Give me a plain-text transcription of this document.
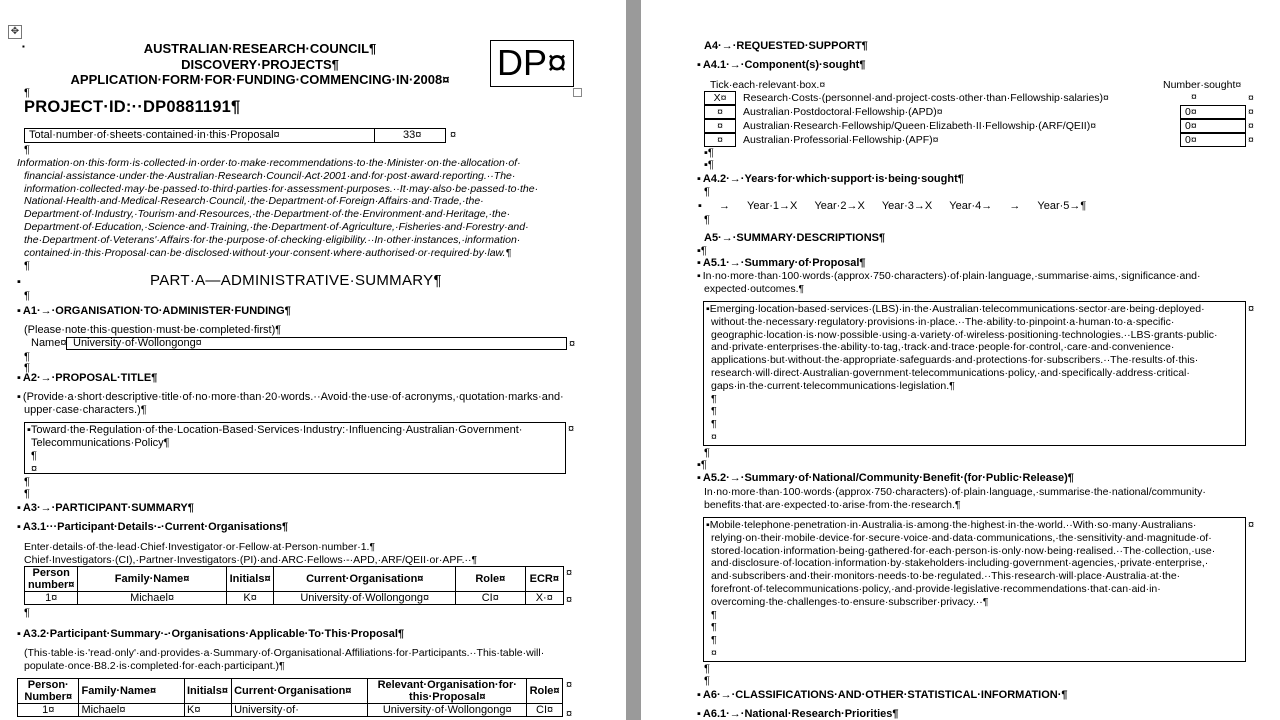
✥
▪	AUSTRALIAN·RESEARCH·COUNCIL¶
DISCOVERY·PROJECTS¶
APPLICATION·FORM·FOR·FUNDING·COMMENCING·IN·2008¤	DP¤
¶
PROJECT·ID:··DP0881191¶
Total·number·of·sheets·contained·in·this·Proposal¤	33¤	¤
¶
Information·on·this·form·is·collected·in·order·to·make·recommendations·to·the·Minister·on·the·allocation·of·
financial·assistance·under·the·Australian·Research·Council·Act·2001·and·for·post·award·reporting.··The·
information·collected·may·be·passed·to·third·parties·for·assessment·purposes.··It·may·also·be·passed·to·the·
National·Health·and·Medical·Research·Council,·the·Department·of·Foreign·Affairs·and·Trade,·the·
Department·of·Industry,·Tourism·and·Resources,·the·Department·of·the·Environment·and·Heritage,·the·
Department·of·Education,·Science·and·Training,·the·Department·of·Agriculture,·Fisheries·and·Forestry·and·
the·Department·of·Veterans'·Affairs·for·the·purpose·of·checking·eligibility.··In·other·instances,·information·
contained·in·this·Proposal·can·be·disclosed·without·your·consent·where·authorised·or·required·by·law.¶
¶
▪	PART·A—ADMINISTRATIVE·SUMMARY¶
¶
▪ A1·→·ORGANISATION·TO·ADMINISTER·FUNDING¶
(Please·note·this·question·must·be·completed·first)¶
Name¤ University·of·Wollongong¤	¤
¶
¶
▪ A2·→·PROPOSAL·TITLE¶
▪ (Provide·a·short·descriptive·title·of·no·more·than·20·words.··Avoid·the·use·of·acronyms,·quotation·marks·and·
upper·case·characters.)¶
▪Toward·the·Regulation·of·the·Location-Based·Services·Industry:·Influencing·Australian·Government·
Telecommunications·Policy¶
¶
¤
¤
¶
¶
▪ A3·→·PARTICIPANT·SUMMARY¶
▪ A3.1···Participant·Details·-·Current·Organisations¶
Enter·details·of·the·lead·Chief·Investigator·or·Fellow·at·Person·number·1.¶
Chief·Investigators·(CI),·Partner·Investigators·(PI)·and·ARC·Fellows·-·APD,·ARF/QEII·or·APF.··¶
Person number¤	Family·Name¤	Initials¤	Current·Organisation¤	Role¤	ECR¤
1¤	Michael¤	K¤	University·of·Wollongong¤	CI¤	X·¤
¤
¤
¶
▪ A3.2·Participant·Summary·-·Organisations·Applicable·To·This·Proposal¶
(This·table·is·'read·only'·and·provides·a·Summary·of·Organisational·Affiliations·for·Participants.··This·table·will·
populate·once·B8.2·is·completed·for·each·participant.)¶
Person· Number¤	Family·Name¤	Initials¤	Current·Organisation¤	Relevant·Organisation·for· this·Proposal¤	Role¤
1¤	Michael¤	K¤	University·of·	University·of·Wollongong¤	CI¤
¤
¤
A4·→·REQUESTED·SUPPORT¶
▪ A4.1·→·Component(s)·sought¶
Tick·each·relevant·box.¤	Number·sought¤
X¤	Research·Costs·(personnel·and·project·costs·other·than·Fellowship·salaries)¤	¤	¤
¤	Australian·Postdoctoral·Fellowship·(APD)¤	0¤	¤
¤	Australian·Research·Fellowship/Queen·Elizabeth·II·Fellowship·(ARF/QEII)¤	0¤	¤
¤	Australian·Professorial·Fellowship·(APF)¤	0¤	¤
▪¶
▪¶
▪ A4.2·→·Years·for·which·support·is·being·sought¶
¶
▪ → Year·1→X Year·2→X Year·3→X Year·4→ → Year·5→¶
¶
A5·→·SUMMARY·DESCRIPTIONS¶
▪¶
▪ A5.1·→·Summary·of·Proposal¶
▪ In·no·more·than·100·words·(approx·750·characters)·of·plain·language,·summarise·aims,·significance·and·
expected·outcomes.¶
▪Emerging·location-based·services·(LBS)·in·the·Australian·telecommunications·sector·are·being·deployed·
without·the·necessary·regulatory·provisions·in·place.··The·ability·to·pinpoint·a·human·to·a·specific·
geographic·location·is·now·possible·using·a·variety·of·wireless·positioning·technologies.··LBS·grants·public·
and·private·enterprises·the·ability·to·tag,·track·and·trace·people·for·control,·care·and·convenience·
applications·but·without·the·appropriate·safeguards·and·protections·for·subscribers.··The·results·of·this·
research·will·direct·Australian·government·telecommunications·policy,·and·specifically·address·critical·
gaps·in·the·current·telecommunications·legislation.¶
¶
¶
¶
¤
¤
¶
▪¶
▪ A5.2·→·Summary·of·National/Community·Benefit·(for·Public·Release)¶
In·no·more·than·100·words·(approx·750·characters)·of·plain·language,·summarise·the·national/community·
benefits·that·are·expected·to·arise·from·the·research.¶
▪Mobile·telephone·penetration·in·Australia·is·among·the·highest·in·the·world.··With·so·many·Australians·
relying·on·their·mobile·device·for·secure·voice·and·data·communications,·the·sensitivity·and·magnitude·of·
stored·location·information·being·gathered·for·each·person·is·only·now·being·realised.··The·collection,·use·
and·disclosure·of·location·information·by·stakeholders·including·government·agencies,·private·enterprise,·
and·subscribers·and·their·monitors·needs·to·be·regulated.··This·research·will·place·Australia·at·the·
forefront·of·telecommunications·policy,·and·provide·legislative·recommendations·that·can·aid·in·
overcoming·the·challenges·to·ensure·subscriber·privacy.··¶
¶
¶
¶
¤
¤
¶
¶
▪ A6·→·CLASSIFICATIONS·AND·OTHER·STATISTICAL·INFORMATION·¶
▪ A6.1·→·National·Research·Priorities¶
